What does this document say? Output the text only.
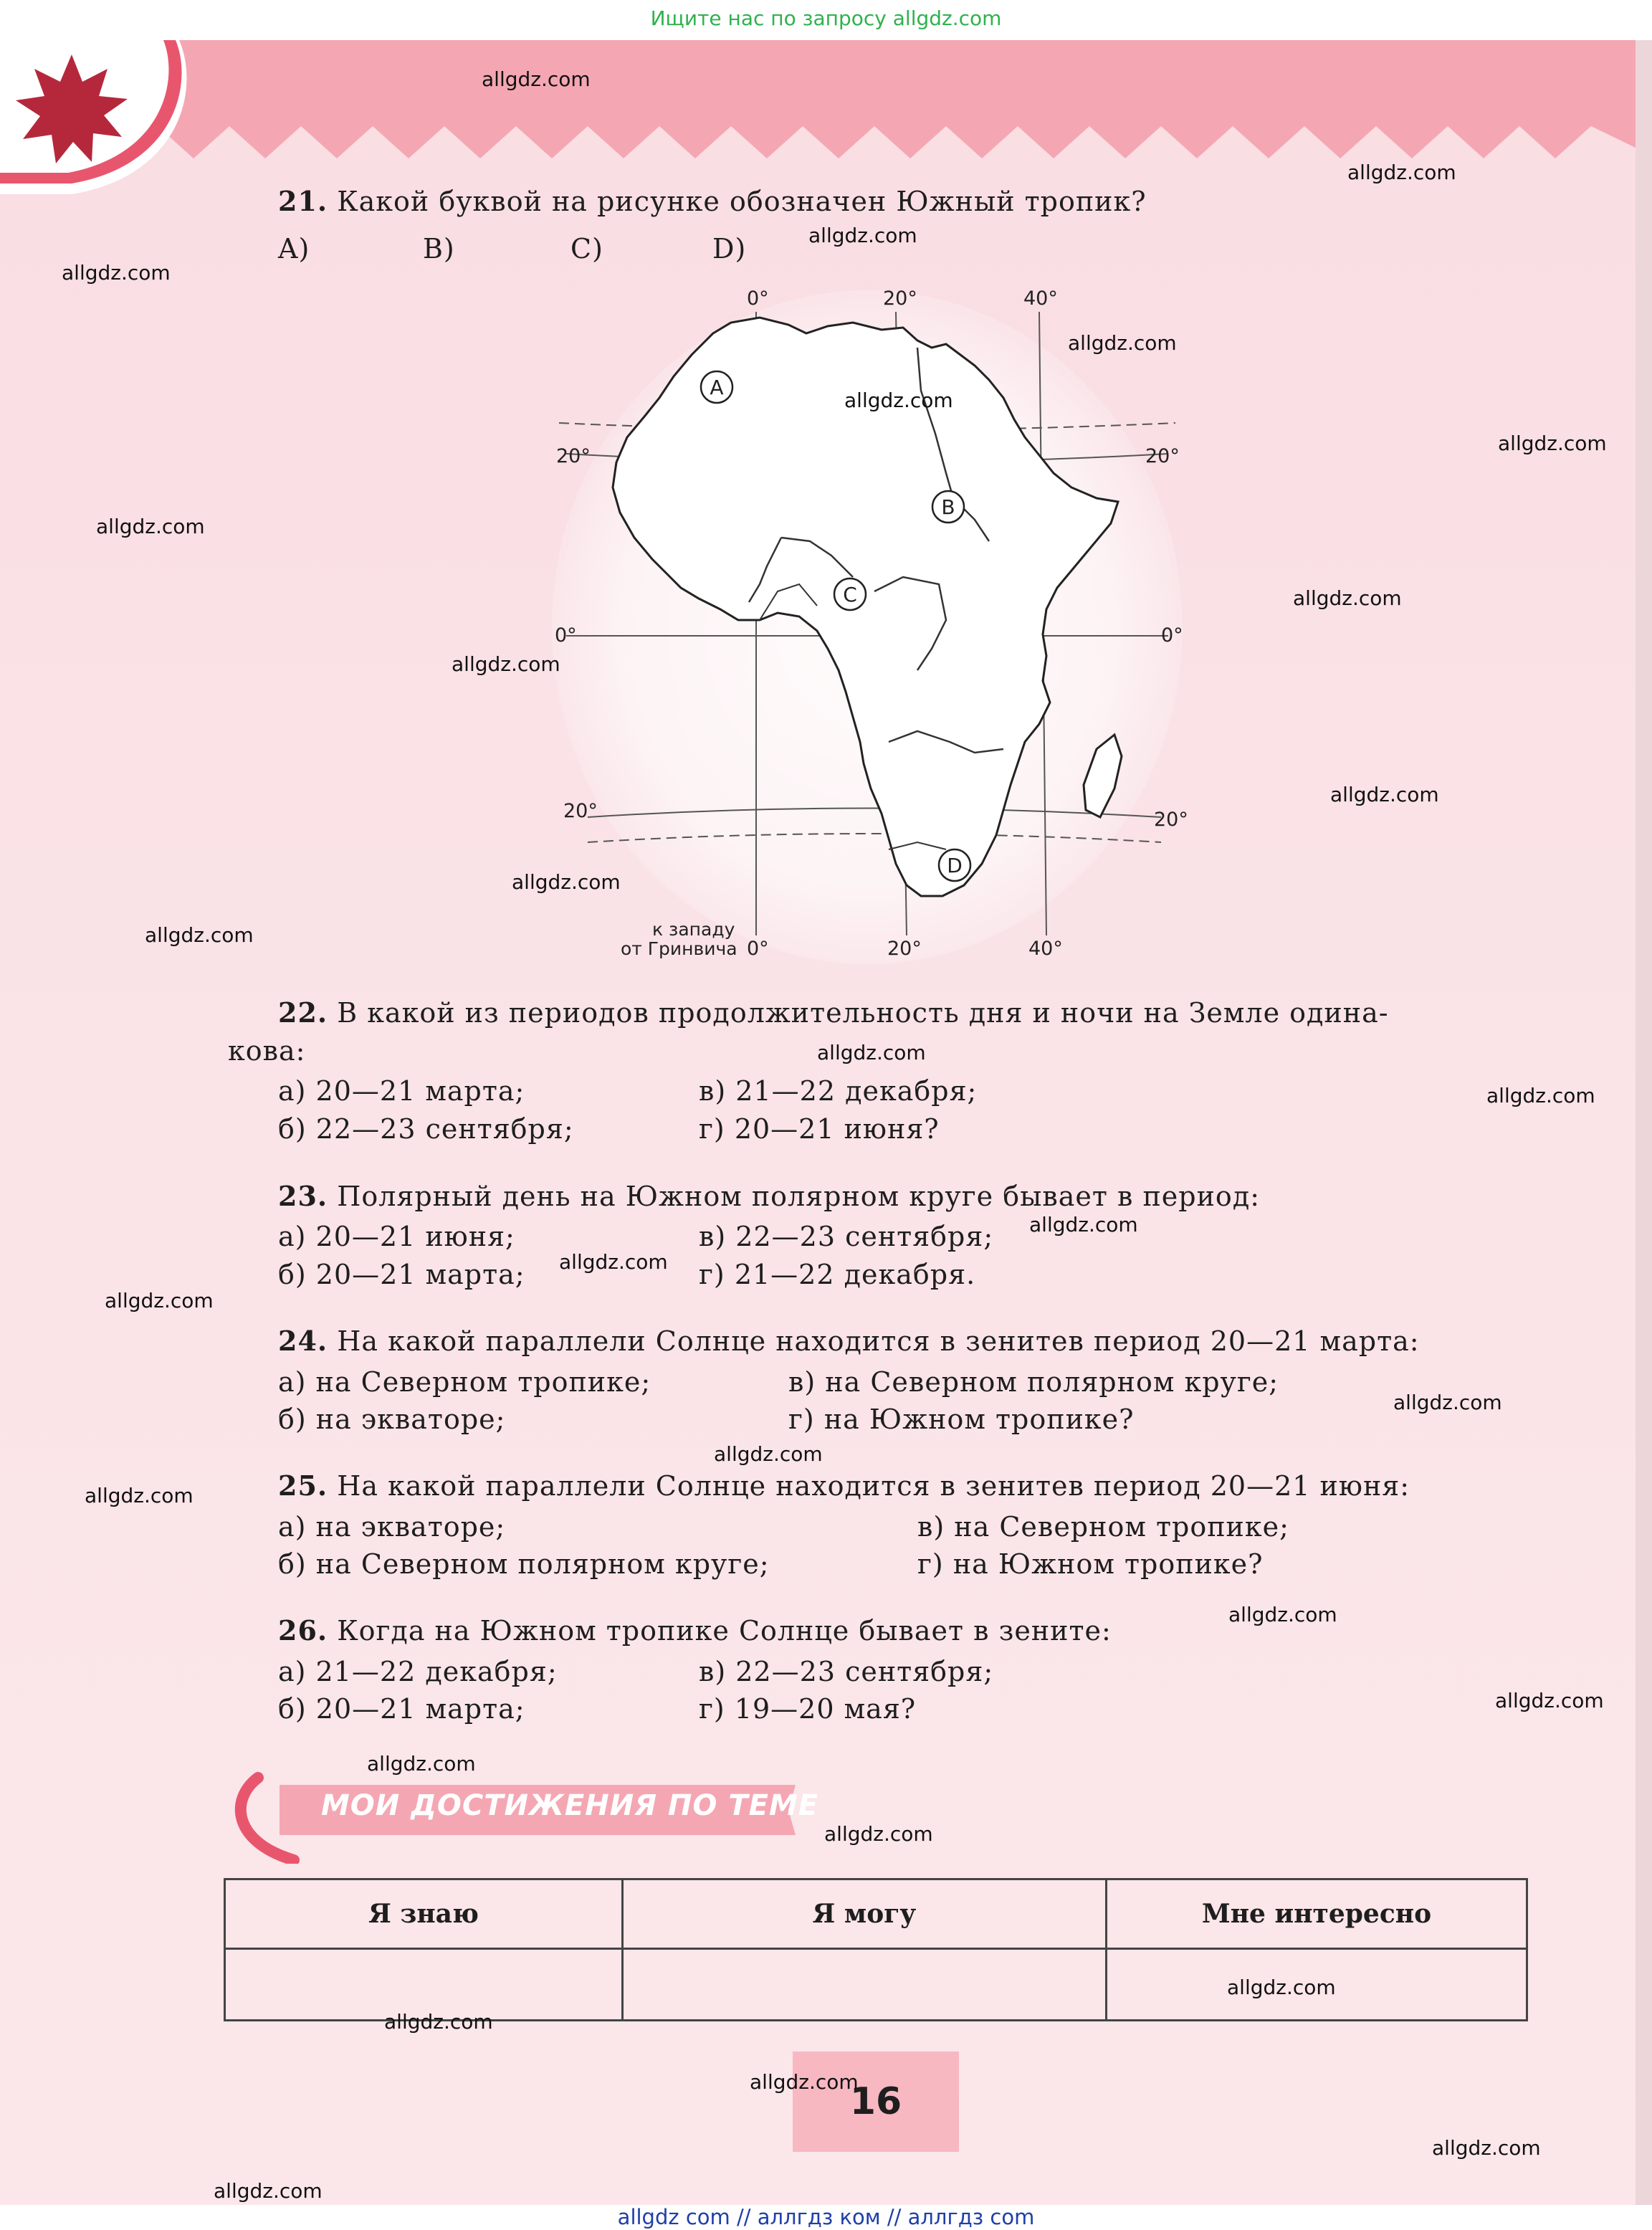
Ищите нас по запросу allgdz.com
21. Какой буквой на рисунке обозначен Южный тропик?
A)	B)	C)	D)
A
B
C
D
0°	20°	40°
0°	20°	40°
20°	20°
0°	0°
20°	20°
к западу
от Гринвича
22. В какой из периодов продолжительность дня и ночи на Земле одина-
кова:
а) 20—21 марта;	в) 21—22 декабря;
б) 22—23 сентября;	г) 20—21 июня?
23. Полярный день на Южном полярном круге бывает в период:
а) 20—21 июня;	в) 22—23 сентября;
б) 20—21 марта;	г) 21—22 декабря.
24. На какой параллели Солнце находится в зенитев период 20—21 марта:
а) на Северном тропике;	в) на Северном полярном круге;
б) на экваторе;	г) на Южном тропике?
25. На какой параллели Солнце находится в зенитев период 20—21 июня:
а) на экваторе;	в) на Северном тропике;
б) на Северном полярном круге;	г) на Южном тропике?
26. Когда на Южном тропике Солнце бывает в зените:
а) 21—22 декабря;	в) 22—23 сентября;
б) 20—21 марта;	г) 19—20 мая?
МОИ ДОСТИЖЕНИЯ ПО ТЕМЕ
Я знаю	Я могу	Мне интересно

16
allgdz.com
allgdz.com
allgdz.com
allgdz.com
allgdz.com
allgdz.com
allgdz.com
allgdz.com
allgdz.com
allgdz.com
allgdz.com
allgdz.com
allgdz.com
allgdz.com
allgdz.com
allgdz.com
allgdz.com
allgdz.com
allgdz.com
allgdz.com
allgdz.com
allgdz.com
allgdz.com
allgdz.com
allgdz.com
allgdz.com
allgdz.com
allgdz.com
allgdz.com
allgdz.com
allgdz com // аллгдз ком // аллгдз com
